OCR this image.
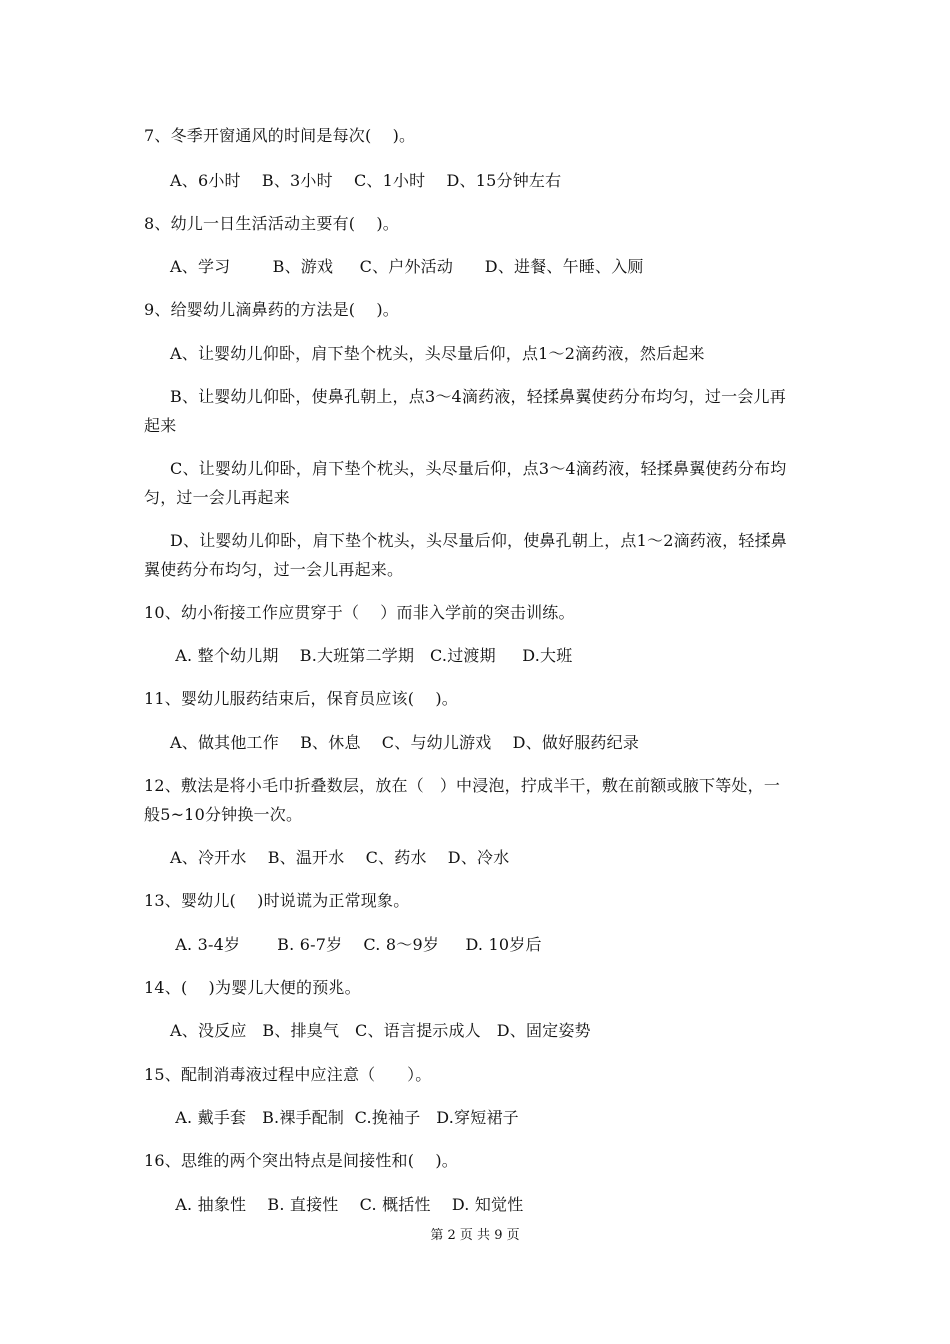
7、冬季开窗通风的时间是每次(    )。
A、6小时    B、3小时    C、1小时    D、15分钟左右
8、幼儿一日生活活动主要有(    )。
A、学习        B、游戏     C、户外活动      D、进餐、午睡、入厕
9、给婴幼儿滴鼻药的方法是(    )。
A、让婴幼儿仰卧，肩下垫个枕头，头尽量后仰，点1～2滴药液，然后起来
B、让婴幼儿仰卧，使鼻孔朝上，点3～4滴药液，轻揉鼻翼使药分布均匀，过一会儿再
起来
C、让婴幼儿仰卧，肩下垫个枕头，头尽量后仰，点3～4滴药液，轻揉鼻翼使药分布均
匀，过一会儿再起来
D、让婴幼儿仰卧，肩下垫个枕头，头尽量后仰，使鼻孔朝上，点1～2滴药液，轻揉鼻
翼使药分布均匀，过一会儿再起来。
10、幼小衔接工作应贯穿于（    ）而非入学前的突击训练。
A. 整个幼儿期    B.大班第二学期   C.过渡期     D.大班
11、婴幼儿服药结束后，保育员应该(    )。
A、做其他工作    B、休息    C、与幼儿游戏    D、做好服药纪录
12、敷法是将小毛巾折叠数层，放在（   ）中浸泡，拧成半干，敷在前额或腋下等处，一
般5~10分钟换一次。
A、冷开水    B、温开水    C、药水    D、冷水
13、婴幼儿(    )时说谎为正常现象。
A. 3-4岁       B. 6-7岁    C. 8～9岁     D. 10岁后
14、(    )为婴儿大便的预兆。
A、没反应   B、排臭气   C、语言提示成人   D、固定姿势
15、配制消毒液过程中应注意（      ）。
A. 戴手套   B.裸手配制  C.挽袖子   D.穿短裙子
16、思维的两个突出特点是间接性和(    )。
A. 抽象性    B. 直接性    C. 概括性    D. 知觉性
第 2 页 共 9 页
